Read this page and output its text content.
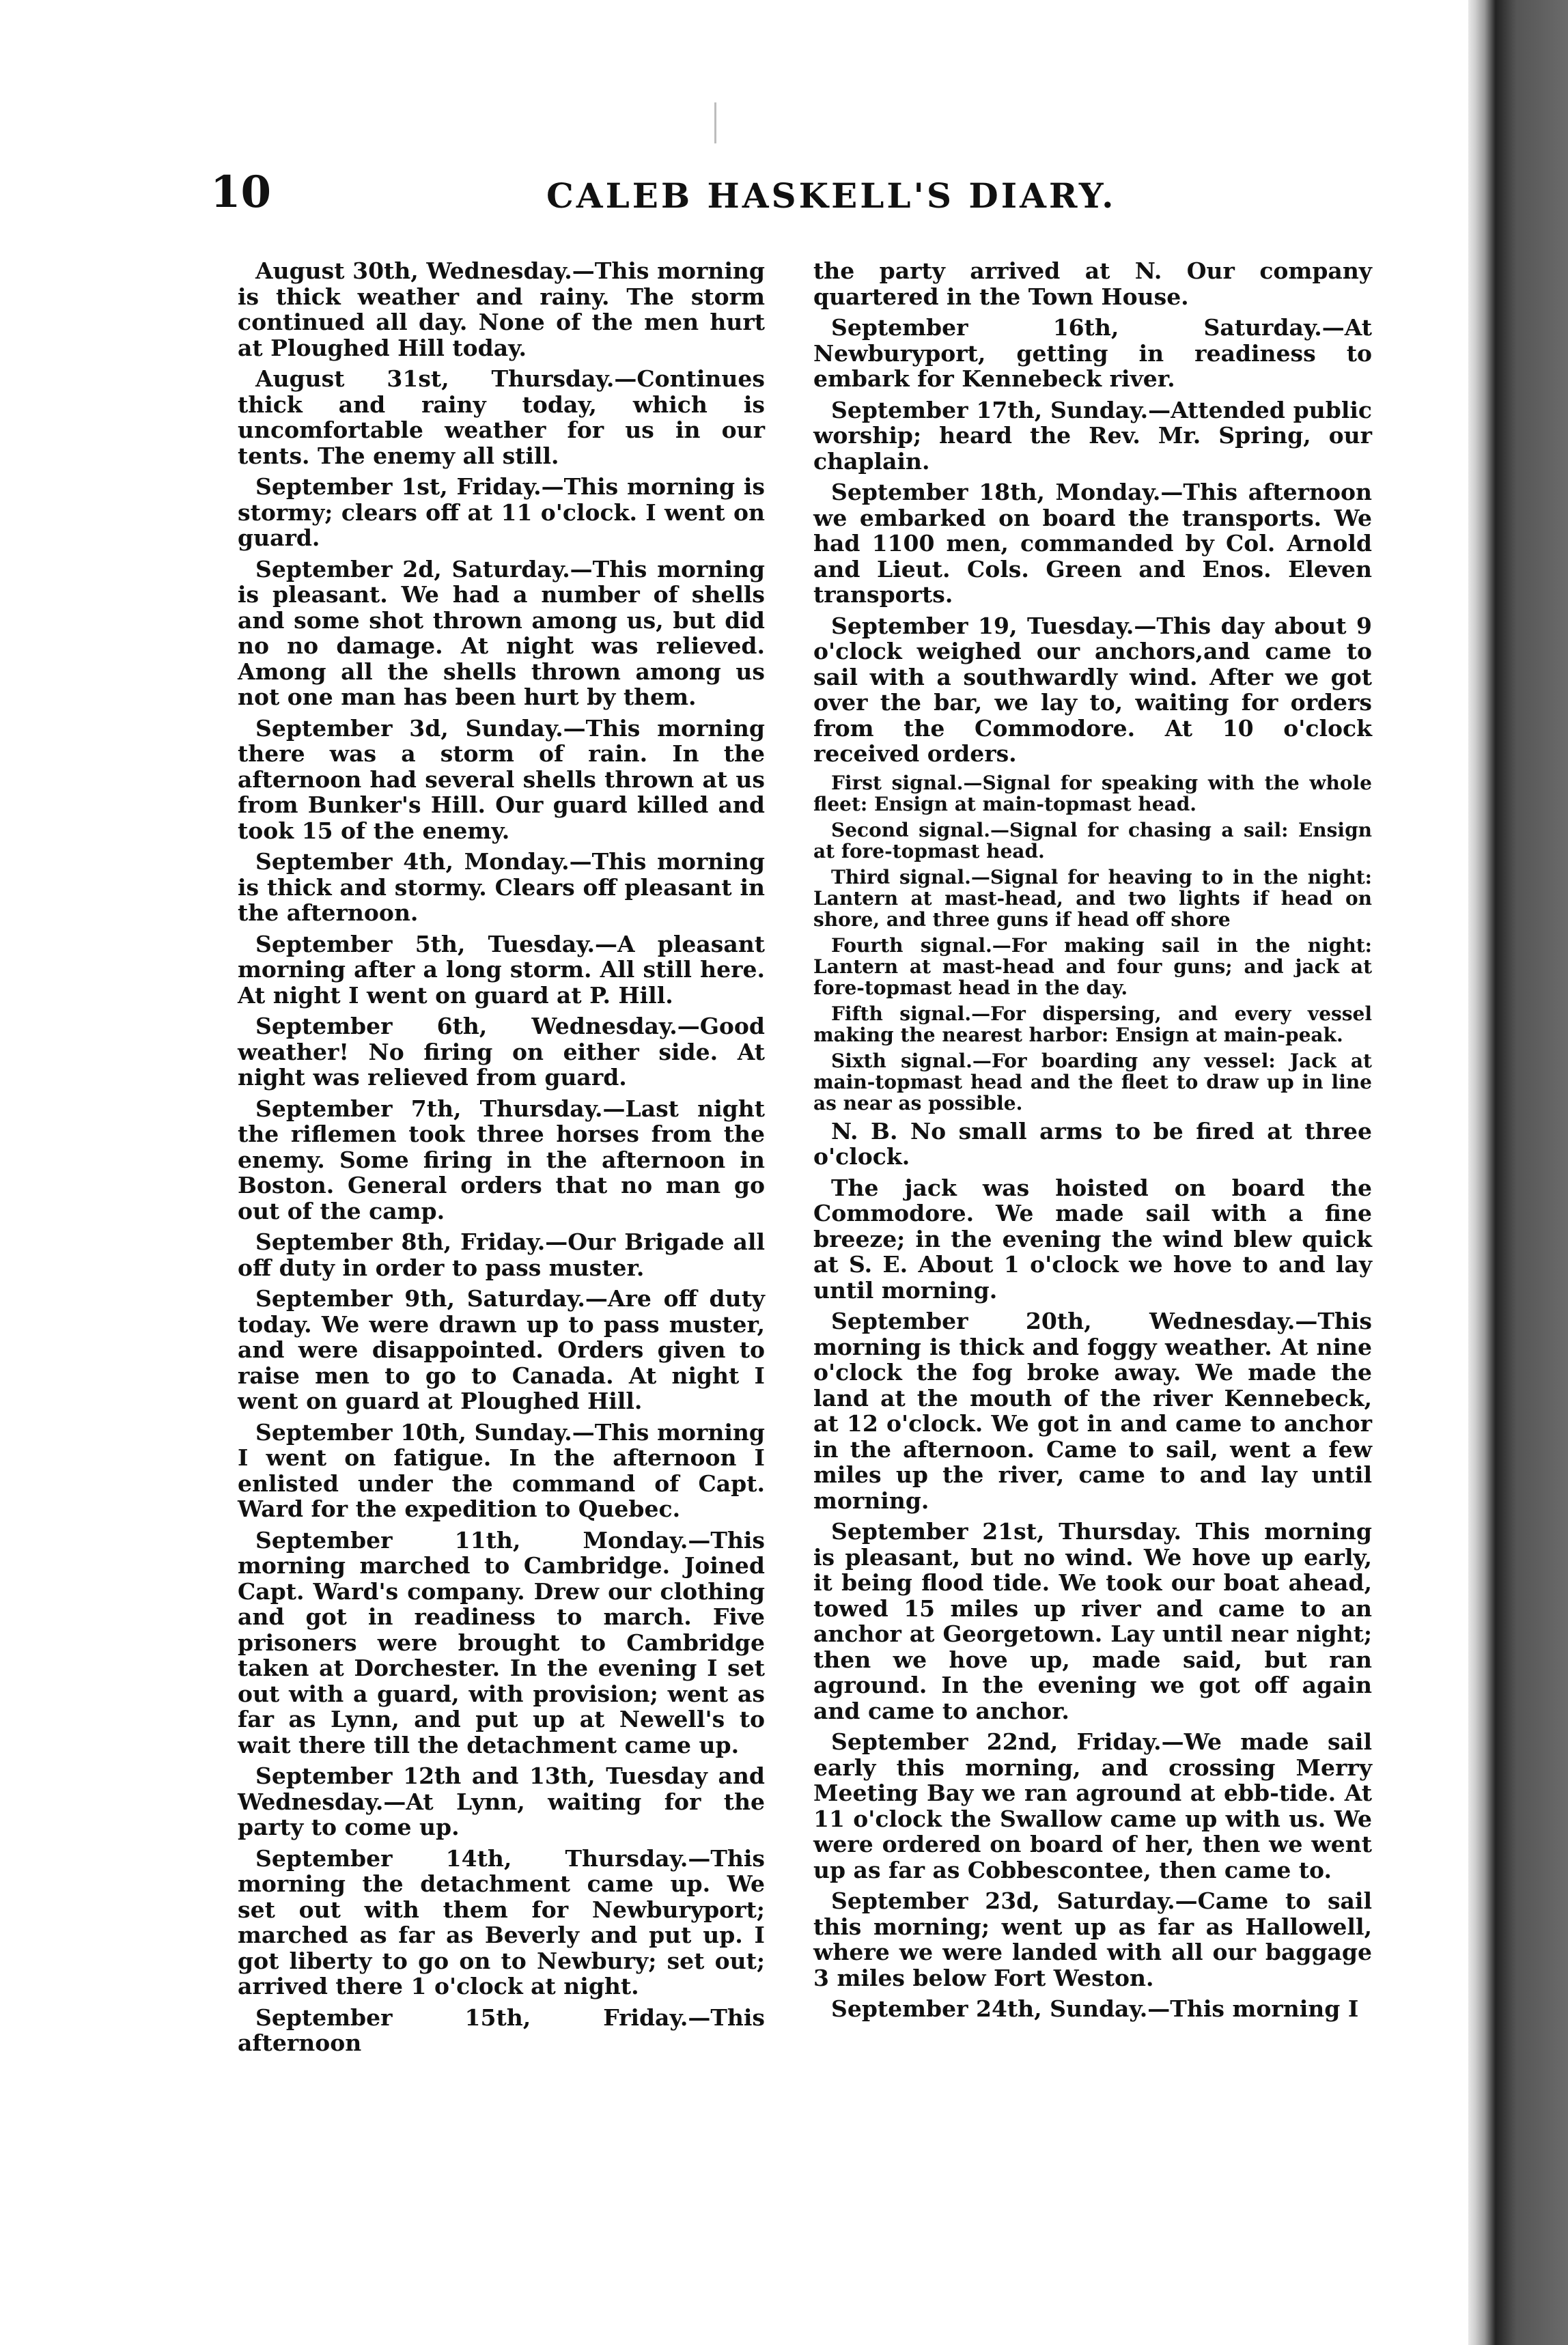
10	CALEB HASKELL'S DIARY.

August 30th, Wednesday.—This morning is thick weather and rainy. The storm continued all day. None of the men hurt at Ploughed Hill today.

August 31st, Thursday.—Continues thick and rainy today, which is uncomfortable weather for us in our tents. The enemy all still.

September 1st, Friday.—This morning is stormy; clears off at 11 o'clock. I went on guard.

September 2d, Saturday.—This morning is pleasant. We had a number of shells and some shot thrown among us, but did no no damage. At night was relieved. Among all the shells thrown among us not one man has been hurt by them.

September 3d, Sunday.—This morning there was a storm of rain. In the afternoon had several shells thrown at us from Bunker's Hill. Our guard killed and took 15 of the enemy.

September 4th, Monday.—This morning is thick and stormy. Clears off pleasant in the afternoon.

September 5th, Tuesday.—A pleasant morning after a long storm. All still here. At night I went on guard at P. Hill.

September 6th, Wednesday.—Good weather! No firing on either side. At night was relieved from guard.

September 7th, Thursday.—Last night the riflemen took three horses from the enemy. Some firing in the afternoon in Boston. General orders that no man go out of the camp.

September 8th, Friday.—Our Brigade all off duty in order to pass muster.

September 9th, Saturday.—Are off duty today. We were drawn up to pass muster, and were disappointed. Orders given to raise men to go to Canada. At night I went on guard at Ploughed Hill.

September 10th, Sunday.—This morning I went on fatigue. In the afternoon I enlisted under the command of Capt. Ward for the expedition to Quebec.

September 11th, Monday.—This morning marched to Cambridge. Joined Capt. Ward's company. Drew our clothing and got in readiness to march. Five prisoners were brought to Cambridge taken at Dorchester. In the evening I set out with a guard, with provision; went as far as Lynn, and put up at Newell's to wait there till the detachment came up.

September 12th and 13th, Tuesday and Wednesday.—At Lynn, waiting for the party to come up.

September 14th, Thursday.—This morning the detachment came up. We set out with them for Newburyport; marched as far as Beverly and put up. I got liberty to go on to Newbury; set out; arrived there 1 o'clock at night.

September 15th, Friday.—This afternoon

the party arrived at N. Our company quartered in the Town House.

September 16th, Saturday.—At Newburyport, getting in readiness to embark for Kennebeck river.

September 17th, Sunday.—Attended public worship; heard the Rev. Mr. Spring, our chaplain.

September 18th, Monday.—This afternoon we embarked on board the transports. We had 1100 men, commanded by Col. Arnold and Lieut. Cols. Green and Enos. Eleven transports.

September 19, Tuesday.—This day about 9 o'clock weighed our anchors,and came to sail with a southwardly wind. After we got over the bar, we lay to, waiting for orders from the Commodore. At 10 o'clock received orders.

First signal.—Signal for speaking with the whole fleet: Ensign at main-topmast head.

Second signal.—Signal for chasing a sail: Ensign at fore-topmast head.

Third signal.—Signal for heaving to in the night: Lantern at mast-head, and two lights if head on shore, and three guns if head off shore

Fourth signal.—For making sail in the night: Lantern at mast-head and four guns; and jack at fore-topmast head in the day.

Fifth signal.—For dispersing, and every vessel making the nearest harbor: Ensign at main-peak.

Sixth signal.—For boarding any vessel: Jack at main-topmast head and the fleet to draw up in line as near as possible.

N. B. No small arms to be fired at three o'clock.

The jack was hoisted on board the Commodore. We made sail with a fine breeze; in the evening the wind blew quick at S. E. About 1 o'clock we hove to and lay until morning.

September 20th, Wednesday.—This morning is thick and foggy weather. At nine o'clock the fog broke away. We made the land at the mouth of the river Kennebeck, at 12 o'clock. We got in and came to anchor in the afternoon. Came to sail, went a few miles up the river, came to and lay until morning.

September 21st, Thursday. This morning is pleasant, but no wind. We hove up early, it being flood tide. We took our boat ahead, towed 15 miles up river and came to an anchor at Georgetown. Lay until near night; then we hove up, made said, but ran aground. In the evening we got off again and came to anchor.

September 22nd, Friday.—We made sail early this morning, and crossing Merry Meeting Bay we ran aground at ebb-tide. At 11 o'clock the Swallow came up with us. We were ordered on board of her, then we went up as far as Cobbescontee, then came to.

September 23d, Saturday.—Came to sail this morning; went up as far as Hallowell, where we were landed with all our baggage 3 miles below Fort Weston.

September 24th, Sunday.—This morning I
